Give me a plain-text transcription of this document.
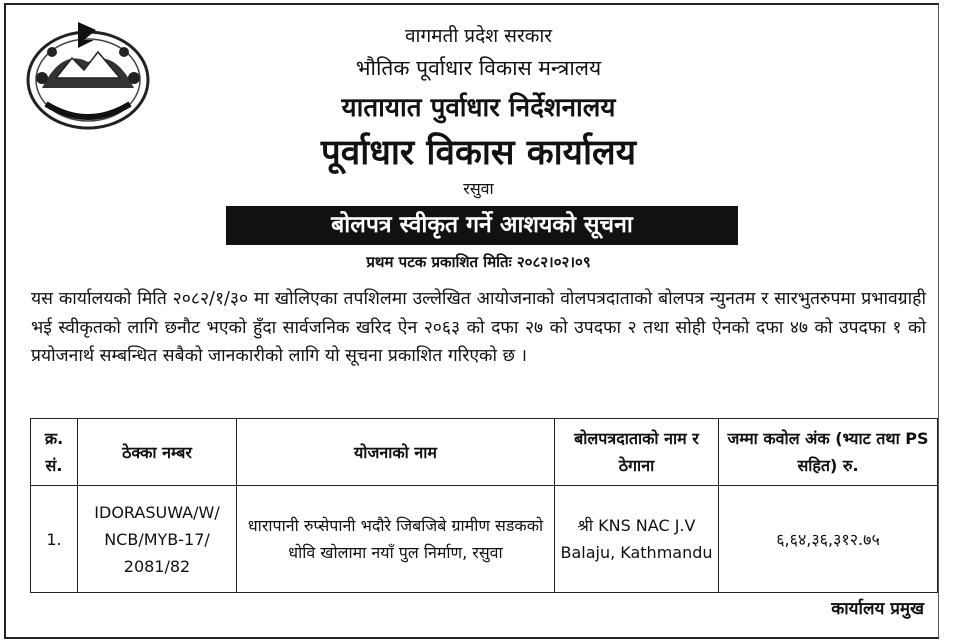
वागमती प्रदेश सरकार
भौतिक पूर्वाधार विकास मन्त्रालय
यातायात पुर्वाधार निर्देशनालय
पूर्वाधार विकास कार्यालय
रसुवा
बोलपत्र स्वीकृत गर्ने आशयको सूचना
प्रथम पटक प्रकाशित मितिः २०८२।०२।०९
यस कार्यालयको मिति २०८२/१/३० मा खोलिएका तपशिलमा उल्लेखित आयोजनाको वोलपत्रदाताको बोलपत्र न्युनतम र सारभुतरुपमा प्रभावग्राही भई स्वीकृतको लागि छनौट भएको हुँदा सार्वजनिक खरिद ऐन २०६३ को दफा २७ को उपदफा २ तथा सोही ऐनको दफा ४७ को उपदफा १ को प्रयोजनार्थ सम्बन्धित सबैको जानकारीको लागि यो सूचना प्रकाशित गरिएको छ ।
क्र. सं.	ठेक्का नम्बर	योजनाको नाम	बोलपत्रदाताको नाम र ठेगाना	जम्मा कवोल अंक (भ्याट तथा PS सहित) रु.
1.	IDORASUWA/W/ NCB/MYB-17/ 2081/82	धारापानी रुप्सेपानी भदौरे जिबजिबे ग्रामीण सडकको धोवि खोलामा नयाँ पुल निर्माण, रसुवा	श्री KNS NAC J.V Balaju, Kathmandu	६,६४,३६,३१२.७५
कार्यालय प्रमुख
